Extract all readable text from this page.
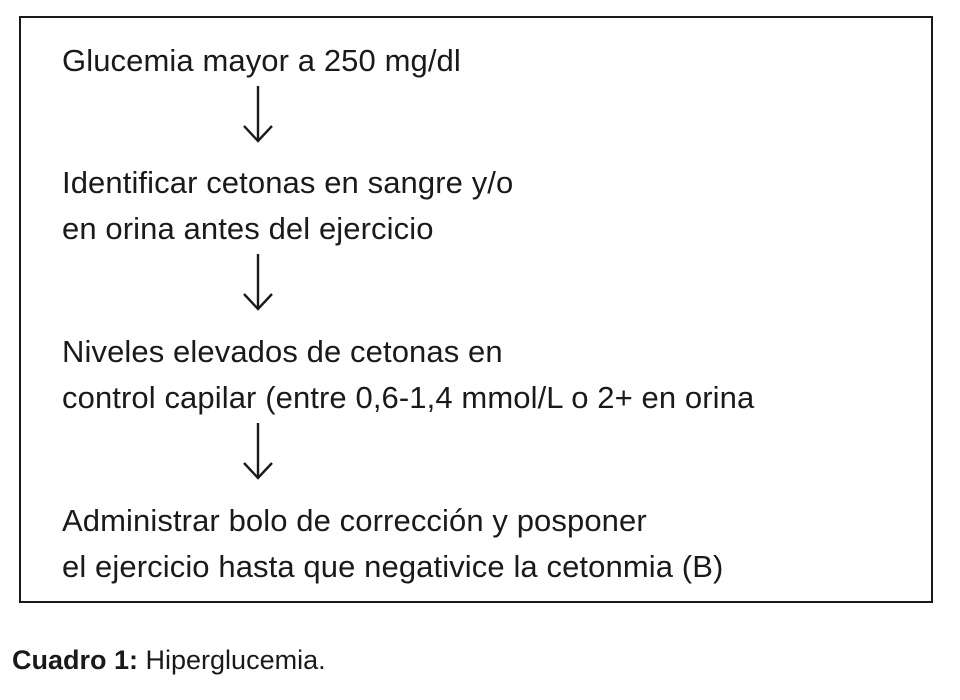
Glucemia mayor a 250 mg/dl
Identificar cetonas en sangre y/o
en orina antes del ejercicio
Niveles elevados de cetonas en
control capilar (entre 0,6-1,4 mmol/L o 2+ en orina
Administrar bolo de corrección y posponer
el ejercicio hasta que negativice la cetonmia (B)
Cuadro 1: Hiperglucemia.
